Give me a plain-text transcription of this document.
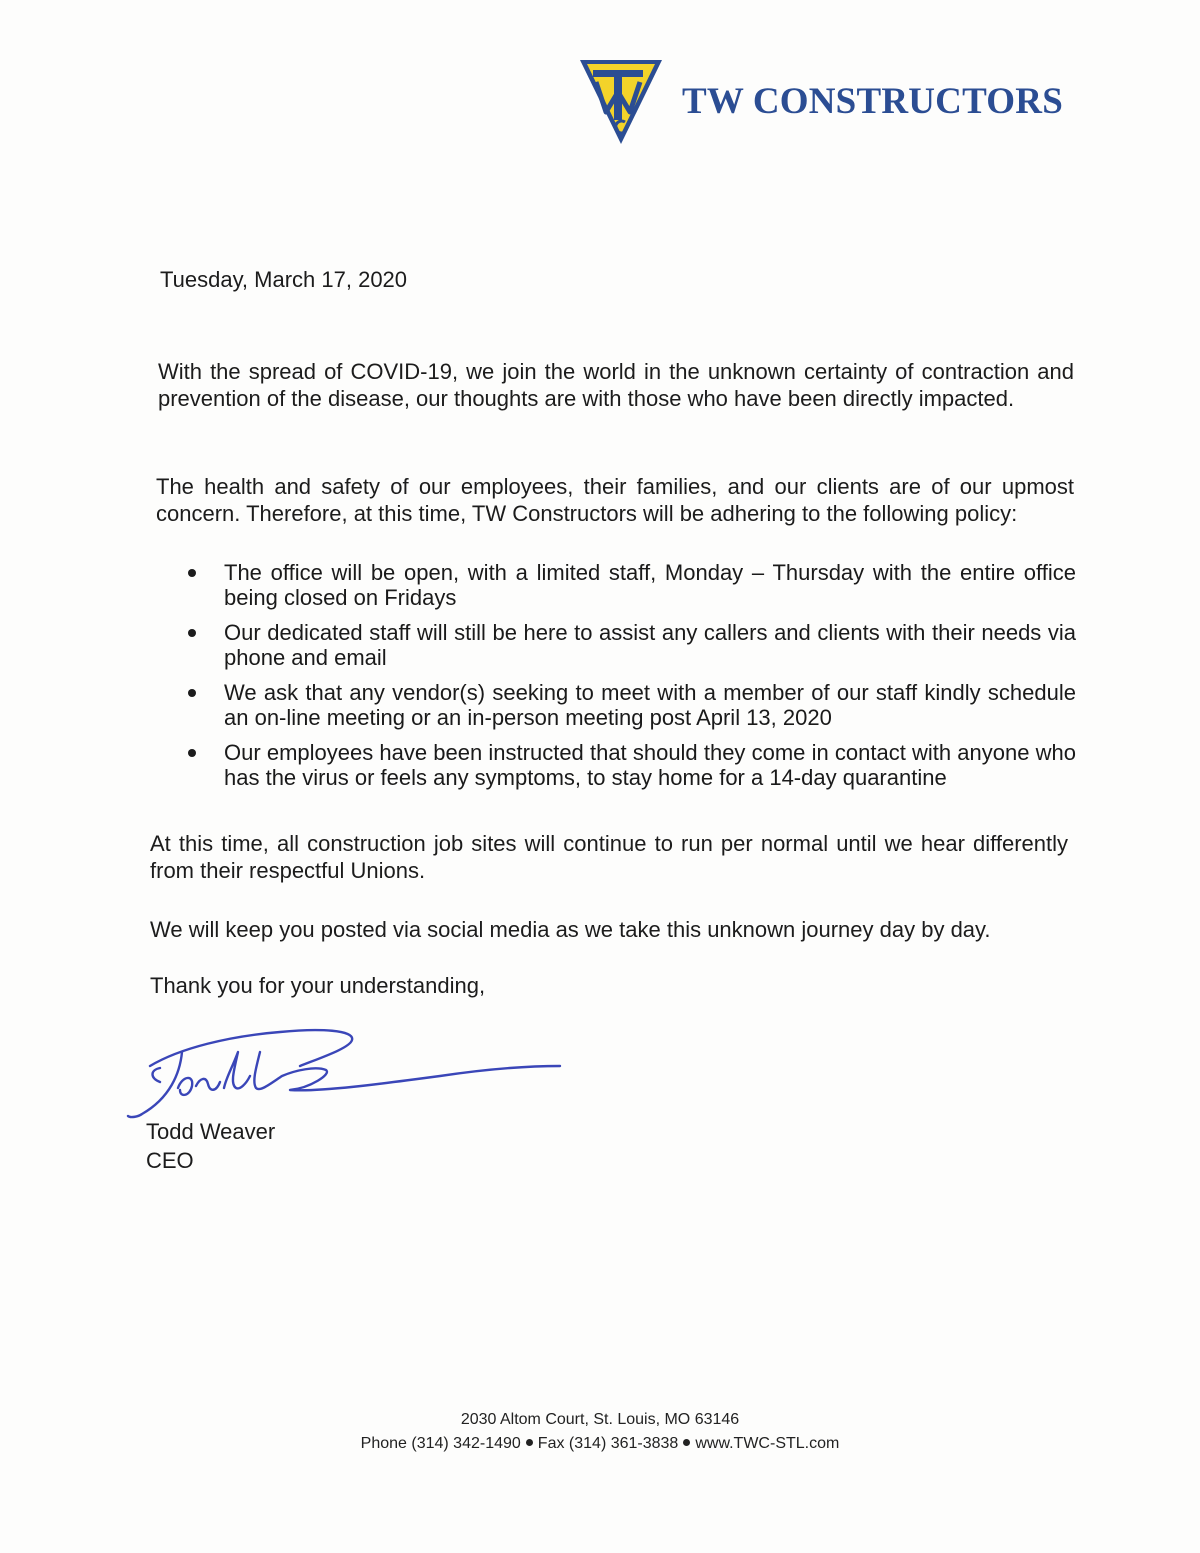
TW CONSTRUCTORS
Tuesday, March 17, 2020
With the spread of COVID-19, we join the world in the unknown certainty of contraction and prevention of the disease, our thoughts are with those who have been directly impacted.
The health and safety of our employees, their families, and our clients are of our upmost concern. Therefore, at this time, TW Constructors will be adhering to the following policy:
The office will be open, with a limited staff, Monday – Thursday with the entire office being closed on Fridays
Our dedicated staff will still be here to assist any callers and clients with their needs via phone and email
We ask that any vendor(s) seeking to meet with a member of our staff kindly schedule an on-line meeting or an in-person meeting post April 13, 2020
Our employees have been instructed that should they come in contact with anyone who has the virus or feels any symptoms, to stay home for a 14-day quarantine
At this time, all construction job sites will continue to run per normal until we hear differently from their respectful Unions.
We will keep you posted via social media as we take this unknown journey day by day.
Thank you for your understanding,
Todd Weaver
CEO
2030 Altom Court, St. Louis, MO 63146
Phone (314) 342-1490 Fax (314) 361-3838 www.TWC-STL.com
